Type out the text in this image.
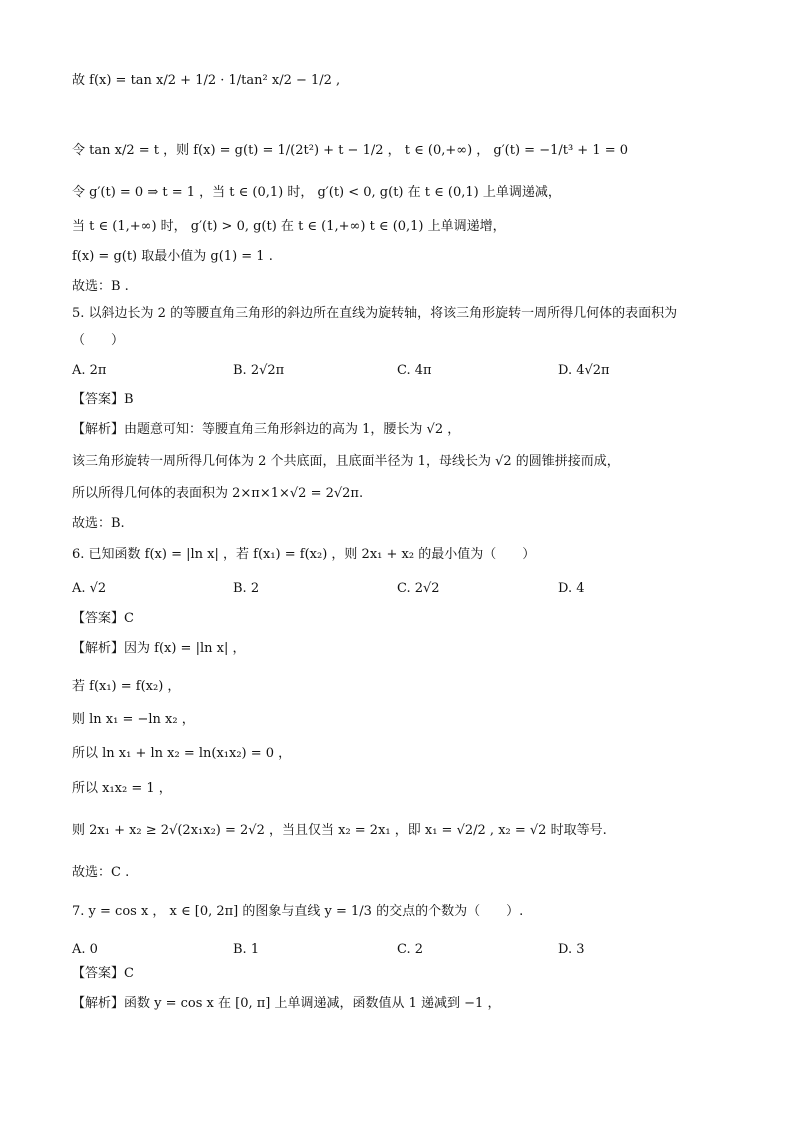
故 f(x) = tan x/2 + 1/2 · 1/tan² x/2 − 1/2 ,
令 tan x/2 = t ，则 f(x) = g(t) = 1/(2t²) + t − 1/2 ， t ∈ (0,+∞) ， g′(t) = −1/t³ + 1 = 0
令 g′(t) = 0 ⇒ t = 1 ，当 t ∈ (0,1) 时， g′(t) < 0, g(t) 在 t ∈ (0,1) 上单调递减，
当 t ∈ (1,+∞) 时， g′(t) > 0, g(t) 在 t ∈ (1,+∞) t ∈ (0,1) 上单调递增，
f(x) = g(t) 取最小值为 g(1) = 1 .
故选：B .
5. 以斜边长为 2 的等腰直角三角形的斜边所在直线为旋转轴，将该三角形旋转一周所得几何体的表面积为
（　　）
A. 2π	B. 2√2π	C. 4π	D. 4√2π
【答案】B
【解析】由题意可知：等腰直角三角形斜边的高为 1，腰长为 √2 ，
该三角形旋转一周所得几何体为 2 个共底面，且底面半径为 1，母线长为 √2 的圆锥拼接而成，
所以所得几何体的表面积为 2×π×1×√2 = 2√2π.
故选：B.
6. 已知函数 f(x) = |ln x| ，若 f(x₁) = f(x₂) ，则 2x₁ + x₂ 的最小值为（　　）
A. √2	B. 2	C. 2√2	D. 4
【答案】C
【解析】因为 f(x) = |ln x| ，
若 f(x₁) = f(x₂) ，
则 ln x₁ = −ln x₂ ，
所以 ln x₁ + ln x₂ = ln(x₁x₂) = 0 ，
所以 x₁x₂ = 1 ，
则 2x₁ + x₂ ≥ 2√(2x₁x₂) = 2√2 ，当且仅当 x₂ = 2x₁ ，即 x₁ = √2/2 , x₂ = √2 时取等号.
故选：C .
7. y = cos x ， x ∈ [0, 2π] 的图象与直线 y = 1/3 的交点的个数为（　　）.
A. 0	B. 1	C. 2	D. 3
【答案】C
【解析】函数 y = cos x 在 [0, π] 上单调递减，函数值从 1 递减到 −1 ，
